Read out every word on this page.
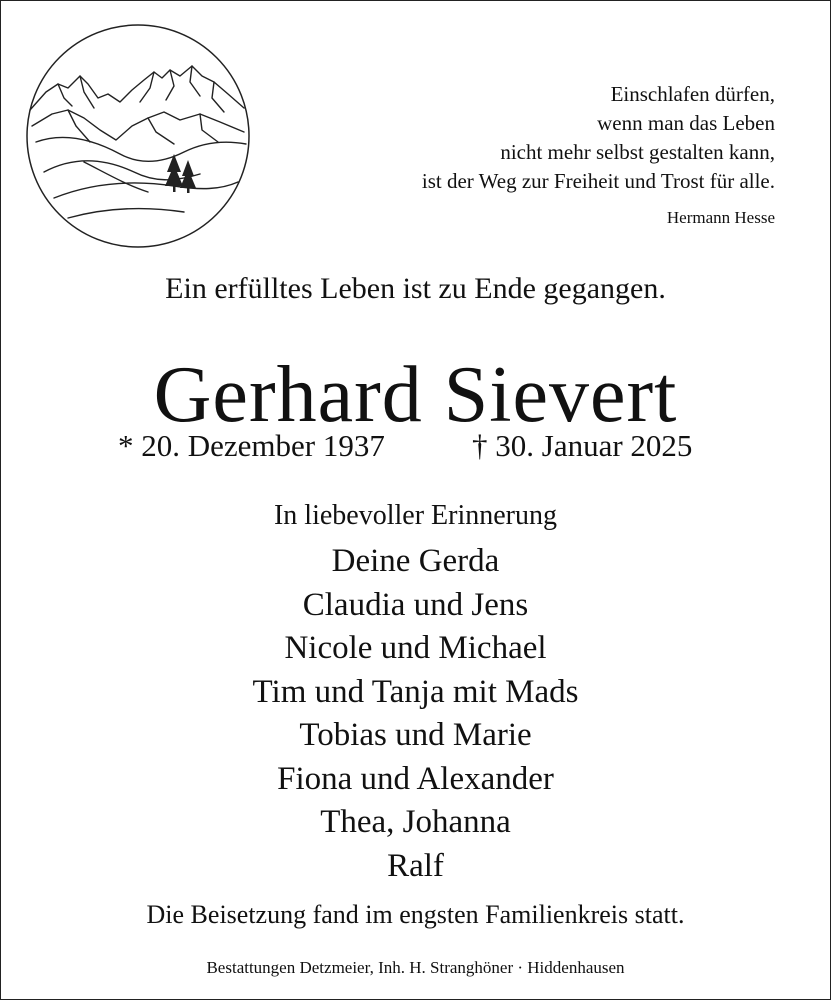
Einschlafen dürfen,
wenn man das Leben
nicht mehr selbst gestalten kann,
ist der Weg zur Freiheit und Trost für alle.
Hermann Hesse
Ein erfülltes Leben ist zu Ende gegangen.
Gerhard Sievert
* 20. Dezember 1937	† 30. Januar 2025
In liebevoller Erinnerung
Deine Gerda
Claudia und Jens
Nicole und Michael
Tim und Tanja mit Mads
Tobias und Marie
Fiona und Alexander
Thea, Johanna
Ralf
Die Beisetzung fand im engsten Familienkreis statt.
Bestattungen Detzmeier, Inh. H. Stranghöner · Hiddenhausen
